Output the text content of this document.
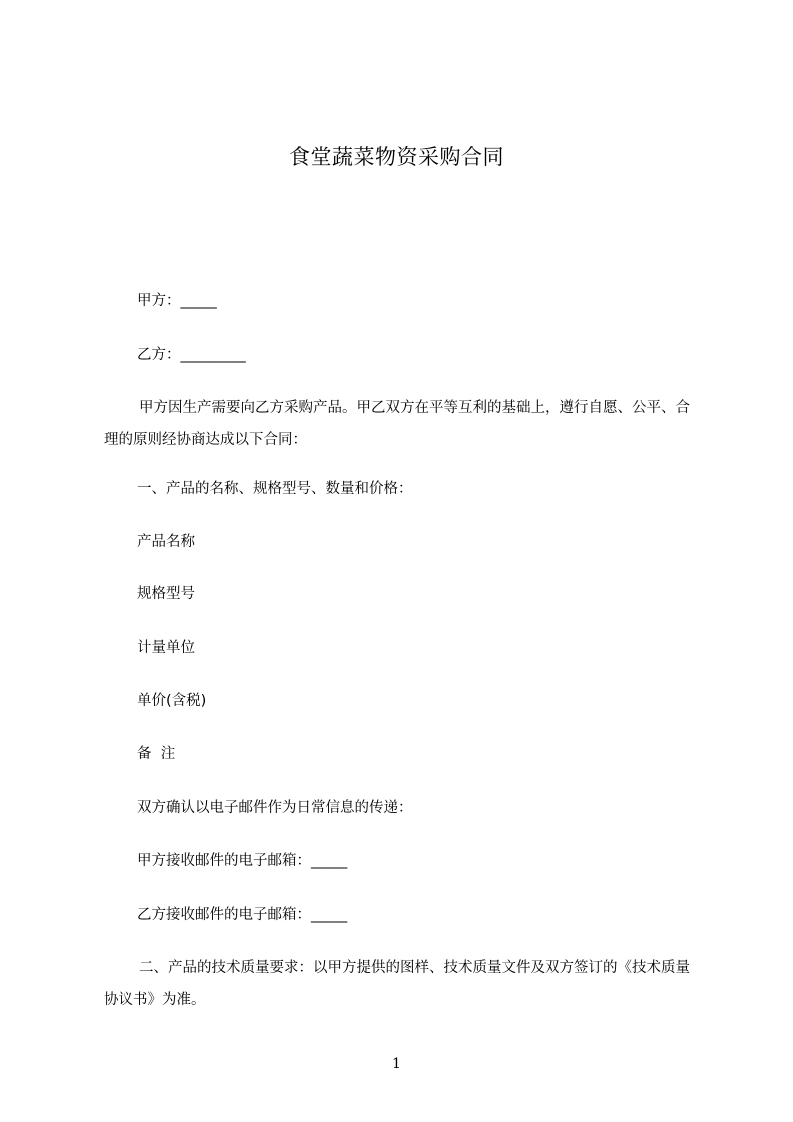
食堂蔬菜物资采购合同
甲方：_____
乙方：_________
甲方因生产需要向乙方采购产品。甲乙双方在平等互利的基础上，遵行自愿、公平、合理的原则经协商达成以下合同：
一、产品的名称、规格型号、数量和价格：
产品名称
规格型号
计量单位
单价(含税)
备  注
双方确认以电子邮件作为日常信息的传递：
甲方接收邮件的电子邮箱：_____
乙方接收邮件的电子邮箱：_____
二、产品的技术质量要求：以甲方提供的图样、技术质量文件及双方签订的《技术质量协议书》为准。
1
